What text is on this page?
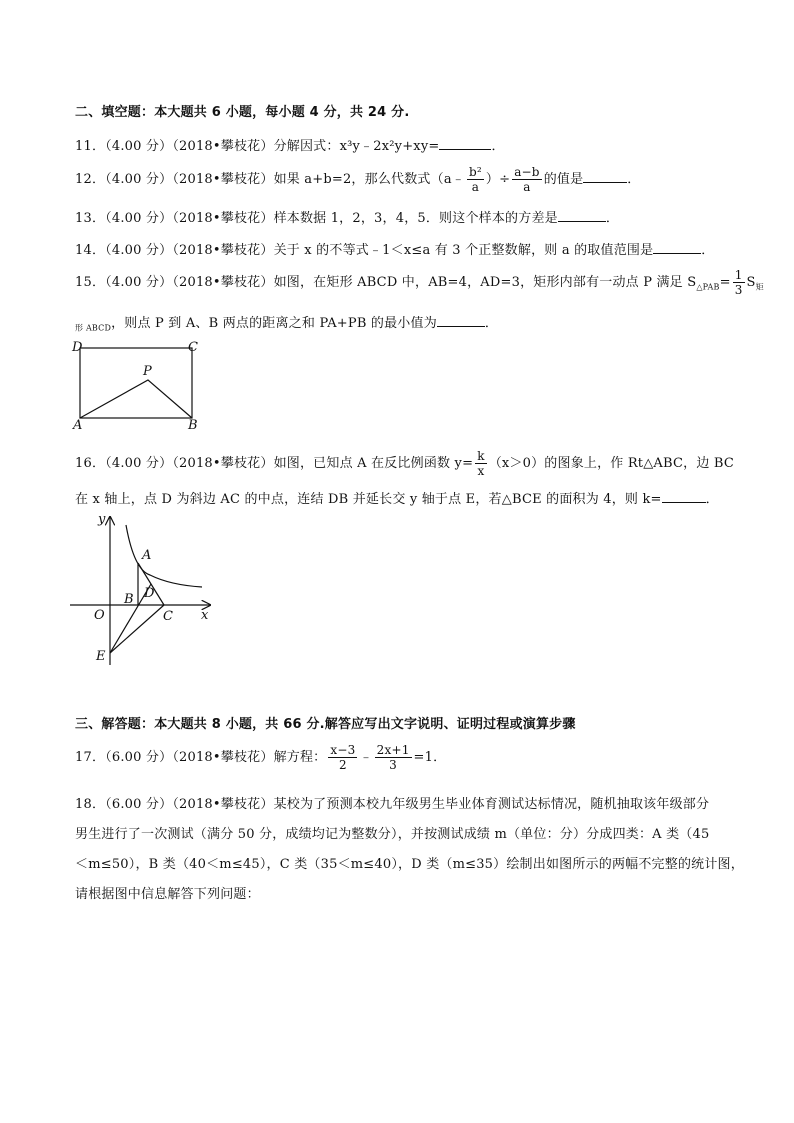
二、填空题：本大题共 6 小题，每小题 4 分，共 24 分.
11．（4.00 分）（2018•攀枝花）分解因式：x³y﹣2x²y+xy=	．
12．（4.00 分）（2018•攀枝花）如果 a+b=2，那么代数式（a﹣ $\frac{\text{b²}}{a}$ ）÷ $\frac{a-b}{a}$ 的值是	．
13．（4.00 分）（2018•攀枝花）样本数据 1，2，3，4，5．则这个样本的方差是	．
14．（4.00 分）（2018•攀枝花）关于 x 的不等式﹣1＜x≤a 有 3 个正整数解，则 a 的取值范围是	．
15．（4.00 分）（2018•攀枝花）如图，在矩形 ABCD 中，AB=4，AD=3，矩形内部有一动点 P 满足 $S_{\triangle PAB}= \frac{1}{3} S_矩$
$_{形 ABCD}$，则点 P 到 A、B 两点的距离之和 PA+PB 的最小值为	．
D	C
A	B
P
16．（4.00 分）（2018•攀枝花）如图，已知点 A 在反比例函数 $y= \frac{k}{x} (x>0)$的图象上，作 Rt△ABC，边 BC
在 x 轴上，点 D 为斜边 AC 的中点，连结 DB 并延长交 y 轴于点 E，若△BCE 的面积为 4，则 k=	．
y
x
O
A
B D
C
E
三、解答题：本大题共 8 小题，共 66 分.解答应写出文字说明、证明过程或演算步骤
17．（6.00 分）（2018•攀枝花）解方程： $\frac{x-3}{2}$ ﹣ $\frac{2x+1}{3} =1$．
18．（6.00 分）（2018•攀枝花）某校为了预测本校九年级男生毕业体育测试达标情况，随机抽取该年级部分
男生进行了一次测试（满分 50 分，成绩均记为整数分），并按测试成绩 m（单位：分）分成四类：A 类（45
＜m≤50），B 类（40＜m≤45），C 类（35＜m≤40），D 类（m≤35）绘制出如图所示的两幅不完整的统计图，
请根据图中信息解答下列问题：
